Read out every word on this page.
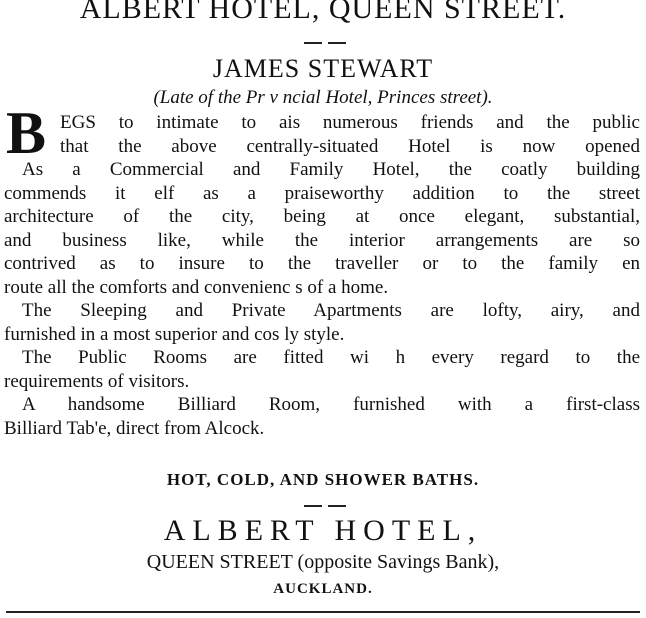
ALBERT HOTEL, QUEEN STREET.
JAMES STEWART
(Late of the Pr v ncial Hotel, Princes street).
B EGS to intimate to ais numerous friends and the public
that the above centrally-situated Hotel is now opened
As a Commercial and Family Hotel, the coatly building
commends it elf as a praiseworthy addition to the street
architecture of the city, being at once elegant, substantial,
and business like, while the interior arrangements are so
contrived as to insure to the traveller or to the family en
route all the comforts and convenienc s of a home.
The Sleeping and Private Apartments are lofty, airy, and
furnished in a most superior and cos ly style.
The Public Rooms are fitted wi h every regard to the
requirements of visitors.
A handsome Billiard Room, furnished with a first-class
Billiard Tab'e, direct from Alcock.
HOT, COLD, AND SHOWER BATHS.
ALBERT HOTEL,
QUEEN STREET (opposite Savings Bank),
AUCKLAND.
